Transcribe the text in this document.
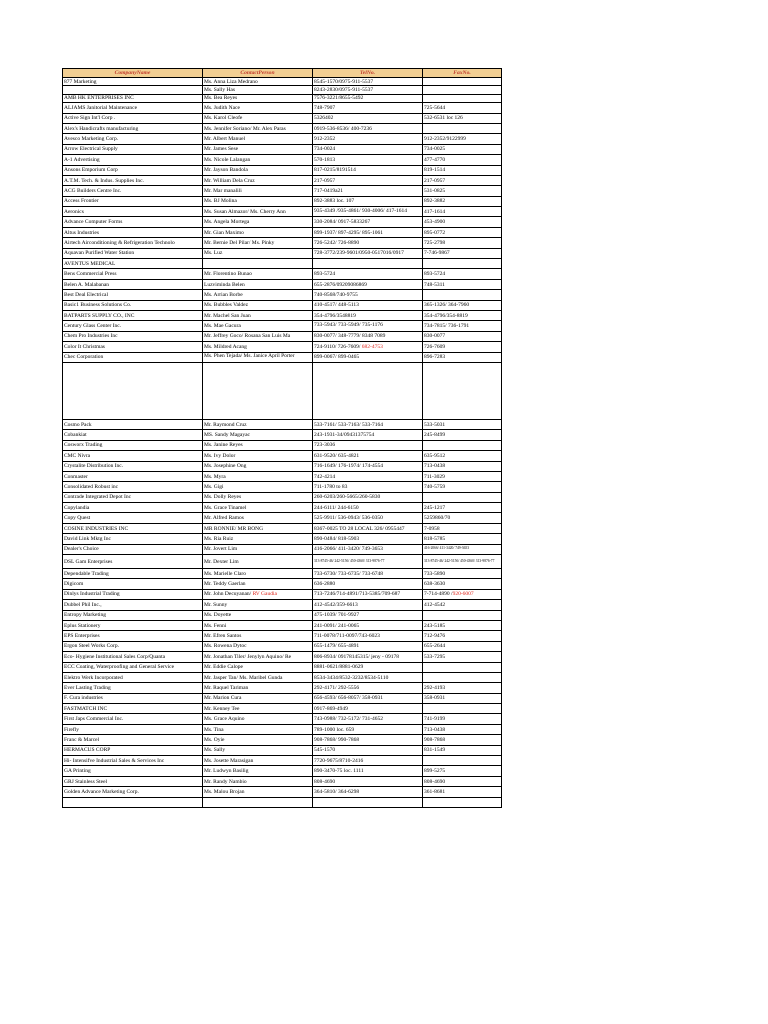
CompanyName	ContactPerson	TelNo.	FaxNo.
877 Marketing	Ms. Anna Liza Medrano	8545-1570/0975-911-5537	
	Ms. Sally Has	8243-2830/0975-911-5537	
AMB HK ENTERPRISES INC	Ms. Bea Reyes	7576-3221/8655-5492	
ALJAMS Janitorial Maintenance	Ms. Judith Nace	748-7907	725-5644
Active Sign Int'l Corp .	Ms. Karol Cleofe	5326402	532-6531 loc 126
Alex's Handicrafts manufacturing	Ms. Jennifer Soriano/ Mr. Alex Paras	0919-536-8536/ 400-7236	
Avesco Marketing Corp.	Mr. Albert Manuel	912-2352	912-2352/9122999
Arrow Electrical Supply	Mr. James Sese	734-0024	734-0025
A-1 Advertising	Ms. Nicole Lalangan	570-1813	477-4770
Ansons Emporium Corp	Mr. Jayson Bandola	817-0215/8191514	819-1514
A.T.M. Tech. & Indus. Supplies Inc.	Mr. William Dela Cruz	217-0957	217-0957
ACG Builders Centre Inc.	Mr. Mar manalili	717-0419a21	531-0825
Access Frontier	Ms. BJ Molina	892-3883 loc. 107	892-3882
Aeronics	Ms. Susan Almazor/ Ms. Cherry Ann	935-4349 /935-4861/ 930-4006/ 417-1614	417-1614
Advance Computer Forms	Ms. Angela Mortega	330-2084/ 0917-5833267	453-4900
Altus Industries	Mr. Gian Maximo	899-1937/ 897-4295/ 895-1061	895-0772
Airtech Airconditioning & Refrigeration Technolo	Mr. Bernie Del Pilar/ Ms. Pinky	726-5242/ 726-8890	725-2798
Aquavan Purified Water Station	Ms. Luz	728-3772/239-9601/0950-0517016/0917	7-746-9867
AVENTUS MEDICAL			
Bens Commercial Press	Mr. Florentino Bunao	893-5724	893-5724
Belen A. Malabanan	Luzviminda Belen	655-2876/09209086869	748-5311
Best Deal Electrical	Ms. Arrian Borbe	740-8568/740-9755	
Basic1 Business Solutions Co.	Ms. Bubbles Valdez	410-4517/ 448-5113	365-1326/ 364-7960
BATPARTS SUPPLY CO., INC	Mr. Machel San Juan	354-4796/3548819	354-4796/354-8819
Century Glass Center Inc.	Ms. Mae Gacura	733-5943/ 733-5949/ 735-1176	734-7815/ 736-1791
Chem Pro Industries Inc	Mr. Jeffrey Goco/ Rosana San Luis Ma	830-0077/ 348-7779/ 8348 7089	830-0077
Color It Christmas	Ms. Mildred Acang	724-9110/ 726-7609/ 682-4753	726-7609
Chec Corporation	Ms. Phen Tejada/ Ms. Janice April Porter	899-0067/ 899-0465	896-7283

Cosmo Pack	Mr. Raymond Cruz	533-7161/ 533-7163/ 533-7164	533-5031
Cobankiat	MS. Sandy Magayac	243-1931-34/09431375754	245-8499
Cosworx Trading	Ms. Janine Reyes	723-3036	
CMC Nivra	Ms. Ivy Dolor	631-9520/ 635-4821	635-9512
Crystalite Distribution Inc.	Ms. Josephine Ong	716-1649/ 176-1974/ 174-4554	713-0438
Conmaster	Ms. Myra	742-4214	711-3029
Consolidated Robust inc	Ms. Gigi	711-1780 to 83	740-5759
Contrade Integrated Depot Inc	Ms. Dolly Reyes	260-6203/260-5665/260-5830	
Copylandia	Ms. Grace Tinamel	244-6111/ 244-6150	245-1217
Copy Quest	Mr. Alfred Ramos	525-9911/ 536-0943/ 536-0350	5259860/70
COSINE INDUSTRIES INC	MR RONNIE/ MR BONG	8367-0025 TO 28 LOCAL 326/ 0955447	7-0958
David Link Mktg Inc	Ms. Ria Ruiz	890-0484/ 818-5903	818-5785
Dealer's Choice	Mr. Jovert Lim	416-2066/ 411-3420/ 749-3653	416-2066/ 411-3420/ 749-3653
DSL Gam Enterprises	Mr. Dexter Lim	313-8745-46/ 242-5156/ 450-4360/ 313-9876-77	313-8745-46/ 242-5156/ 450-4360/ 313-9876-77
Dependable Trading	Ms. Marielle Claro	733-6730/ 733-6735/ 733-6748	733-5890
Digicom	Mr. Teddy Gaerlan	636-2880	638-3630
Dinlys Industrial Trading	Mr. John Decuyanan/ RV Gaudia	713-7246/714-4891/713-5385/709-687	7-714-4890 /920-6007
Dubbel Phil Inc.,	Mr. Sunny	412-4542/359-6613	412-4542
Entropy Marketing	Ms. Doyette	475-1039/ 701-9927	
Eplus Stationery	Ms. Fenni	241-0091/ 241-0065	243-5185
EPS Enterprises	Mr. Efren Santos	711-0078/711-0097/743-6023	712-9476
Ergon Steel Works Corp.	Ms. Rowena Dytoc	655-1479/ 655-4891	655-2644
Eco- Hygiene Institutional Sales Corp/Quanta	Mr. Jonathan Tiler/ Jenylyn Aquino/ Re	806-8934/ 09178145315/ jeny - 09178	533-7295
ECC Coating, Waterproofing and General Service	Mr. Eddie Calope	8881-0621/8881-0629	
Elektro Werk Incorporated	Mr. Jasper Tan/ Ms. Maribel Gunda	8534-3434/8532-3232/8534-5110	
Ever Lasting Trading	Mr. Raquel Tariman	292-4171/ 292-5556	292-4193
F. Cura industries	Mr. Marion Cura	656-4593/ 656-8057/ 358-0931	358-0931
FASTMATCH INC	Mr. Kenney Tee	0917-869-4949	
First Japs Commercial Inc.	Ms. Grace Aquino	743-0988/ 732-5172/ 731-4652	741-9199
Firefly	Ms. Tina	789-1000 loc. 659	713-0438
Franc & Marcel	Ms. Oyie	908-7868/ 990-7868	908-7868
HERMACUS CORP	Ms. Sally	545-1570	831-1549
Hi- Intensifve Industrial Sales & Services Inc	Ms. Josette Marasigan	7720-9675/8710-2416	
GA Printing	Mr. Ludwyn Basilig	890-3470-75 loc. 1111	899-5275
GRJ Stainless Steel	Mr. Randy Nambio	808-4690	808-4690
Golden Advance Marketing Corp.	Ms. Malou Brojan	364-5810/ 364-6298	361-8681
